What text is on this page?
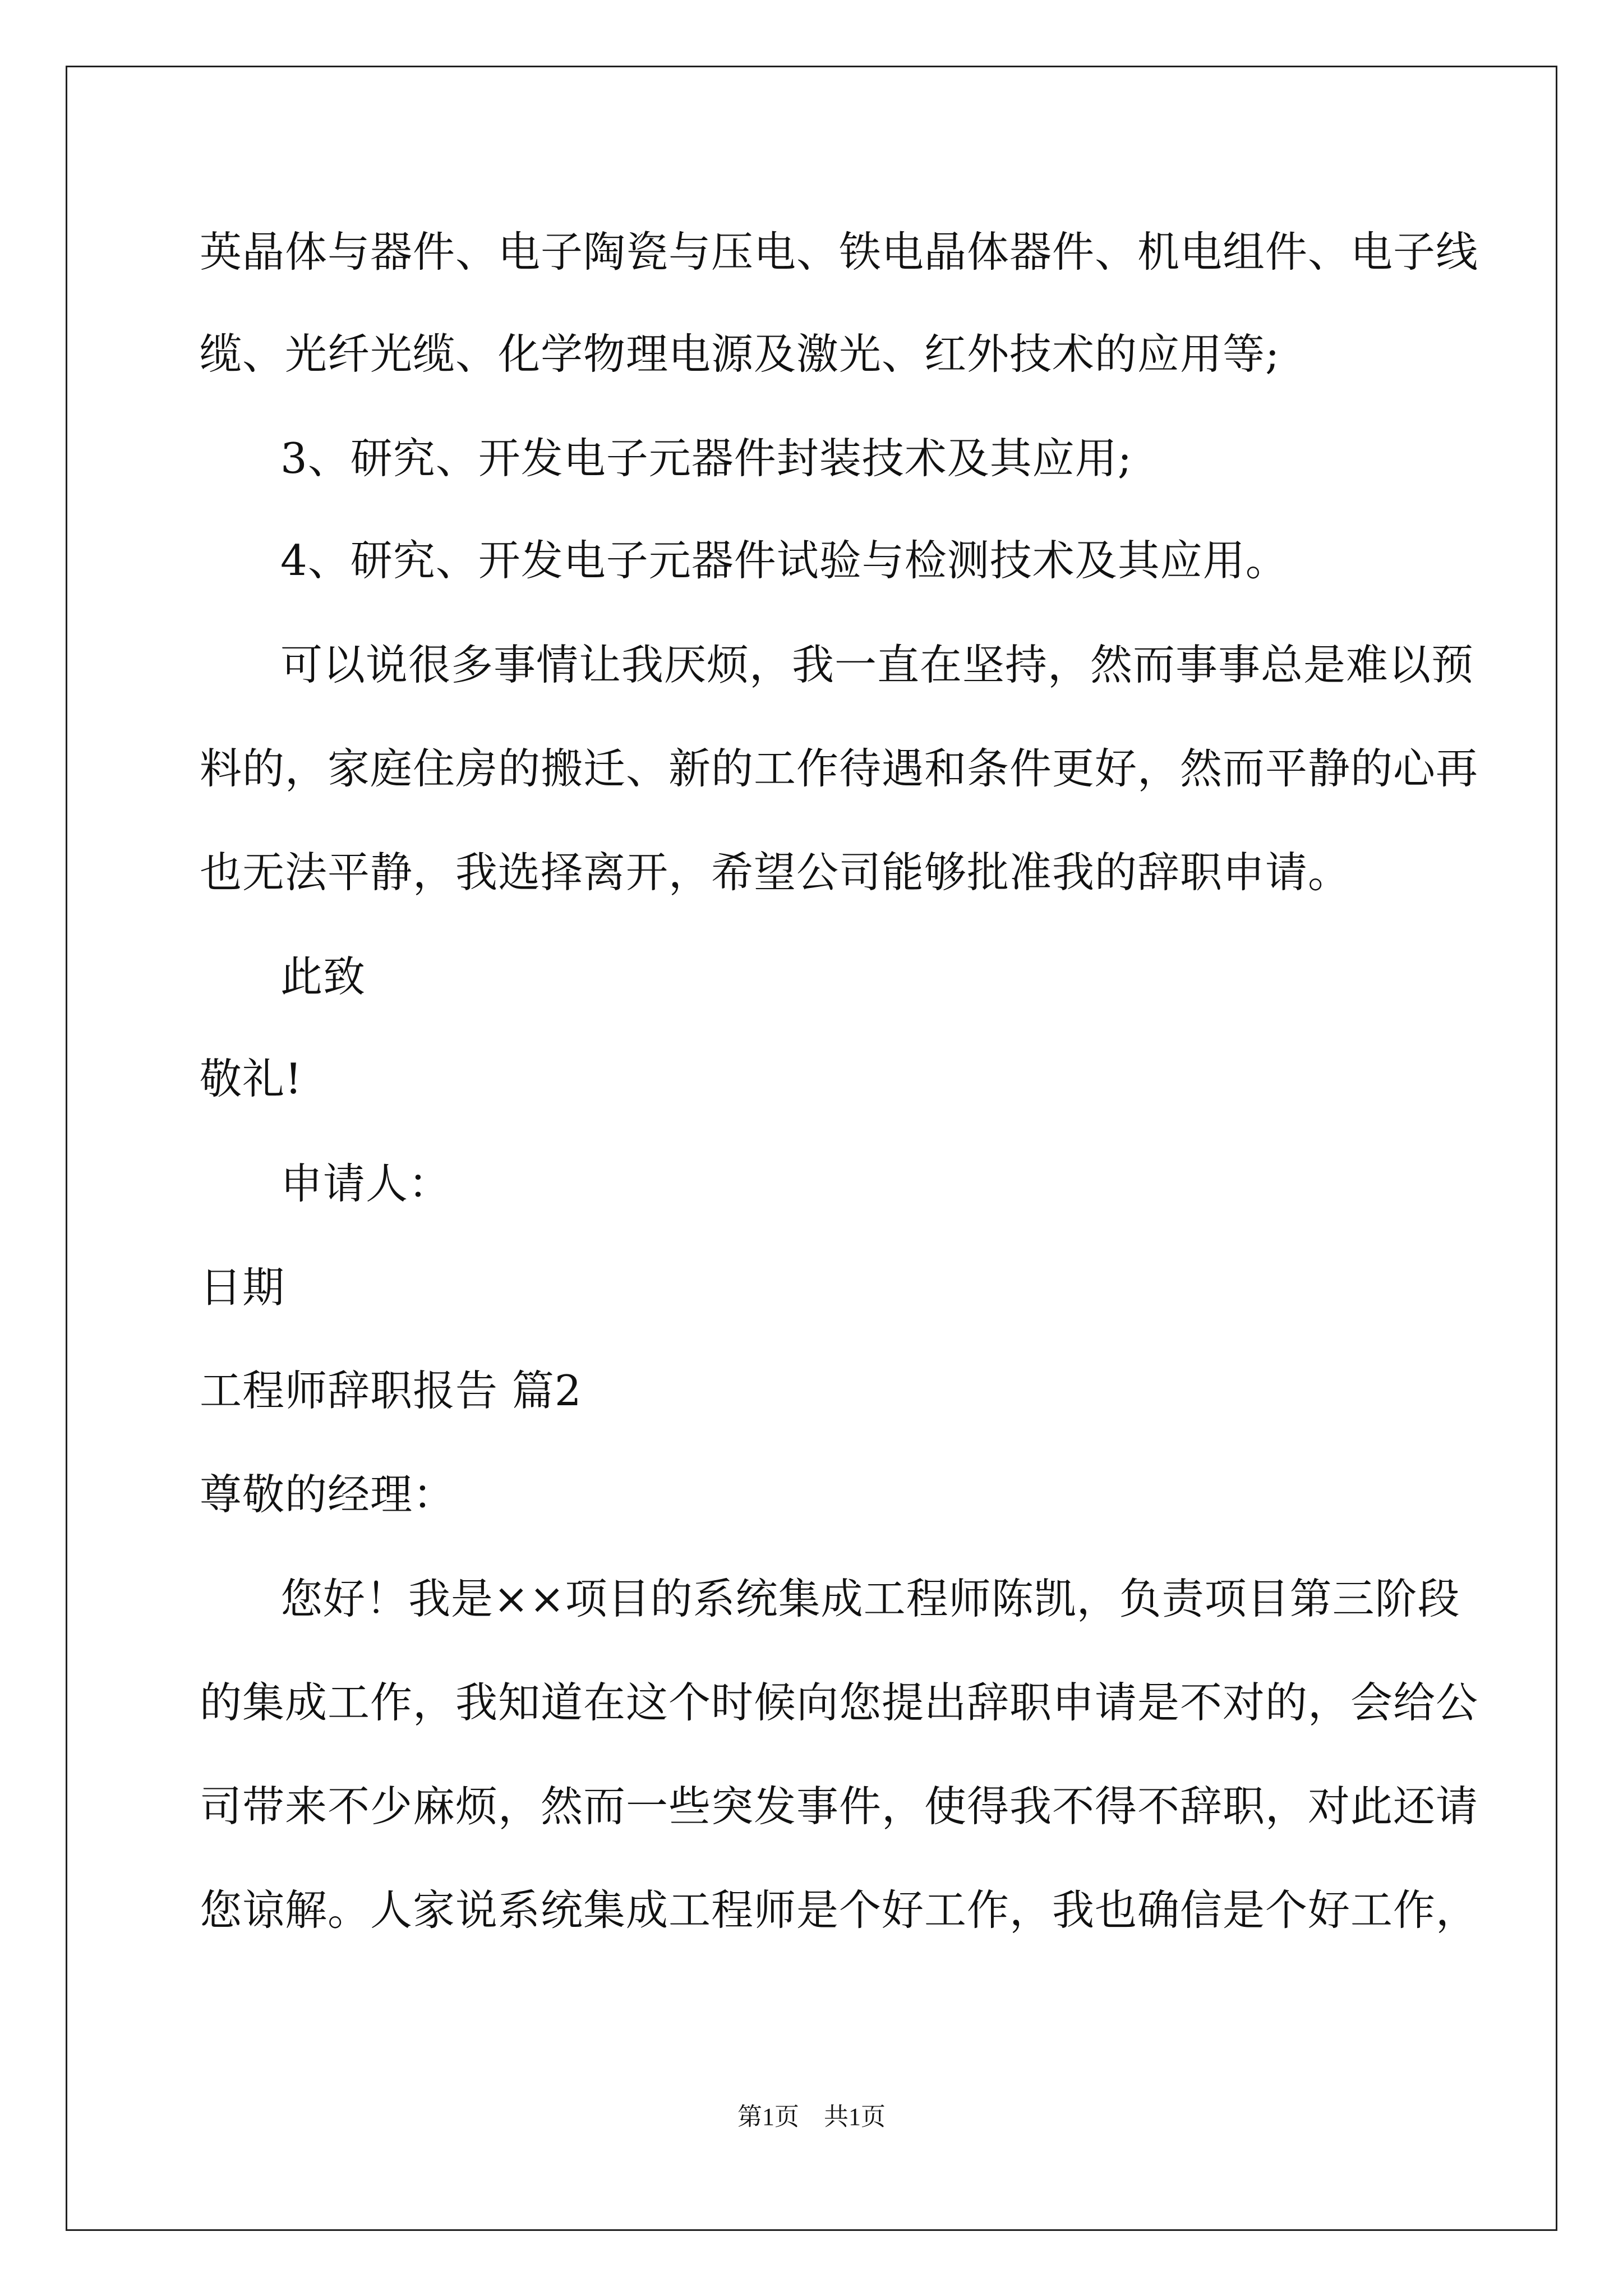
英晶体与器件、电子陶瓷与压电、铁电晶体器件、机电组件、电子线
缆、光纤光缆、化学物理电源及激光、红外技术的应用等;
3、研究、开发电子元器件封装技术及其应用;
4、研究、开发电子元器件试验与检测技术及其应用。
可以说很多事情让我厌烦，我一直在坚持，然而事事总是难以预
料的，家庭住房的搬迁、新的工作待遇和条件更好，然而平静的心再
也无法平静，我选择离开，希望公司能够批准我的辞职申请。
此致
敬礼!
申请人：
日期
工程师辞职报告 篇2
尊敬的经理：
您好！我是××项目的系统集成工程师陈凯，负责项目第三阶段
的集成工作，我知道在这个时候向您提出辞职申请是不对的，会给公
司带来不少麻烦，然而一些突发事件，使得我不得不辞职，对此还请
您谅解。人家说系统集成工程师是个好工作，我也确信是个好工作，
第1页　共1页
